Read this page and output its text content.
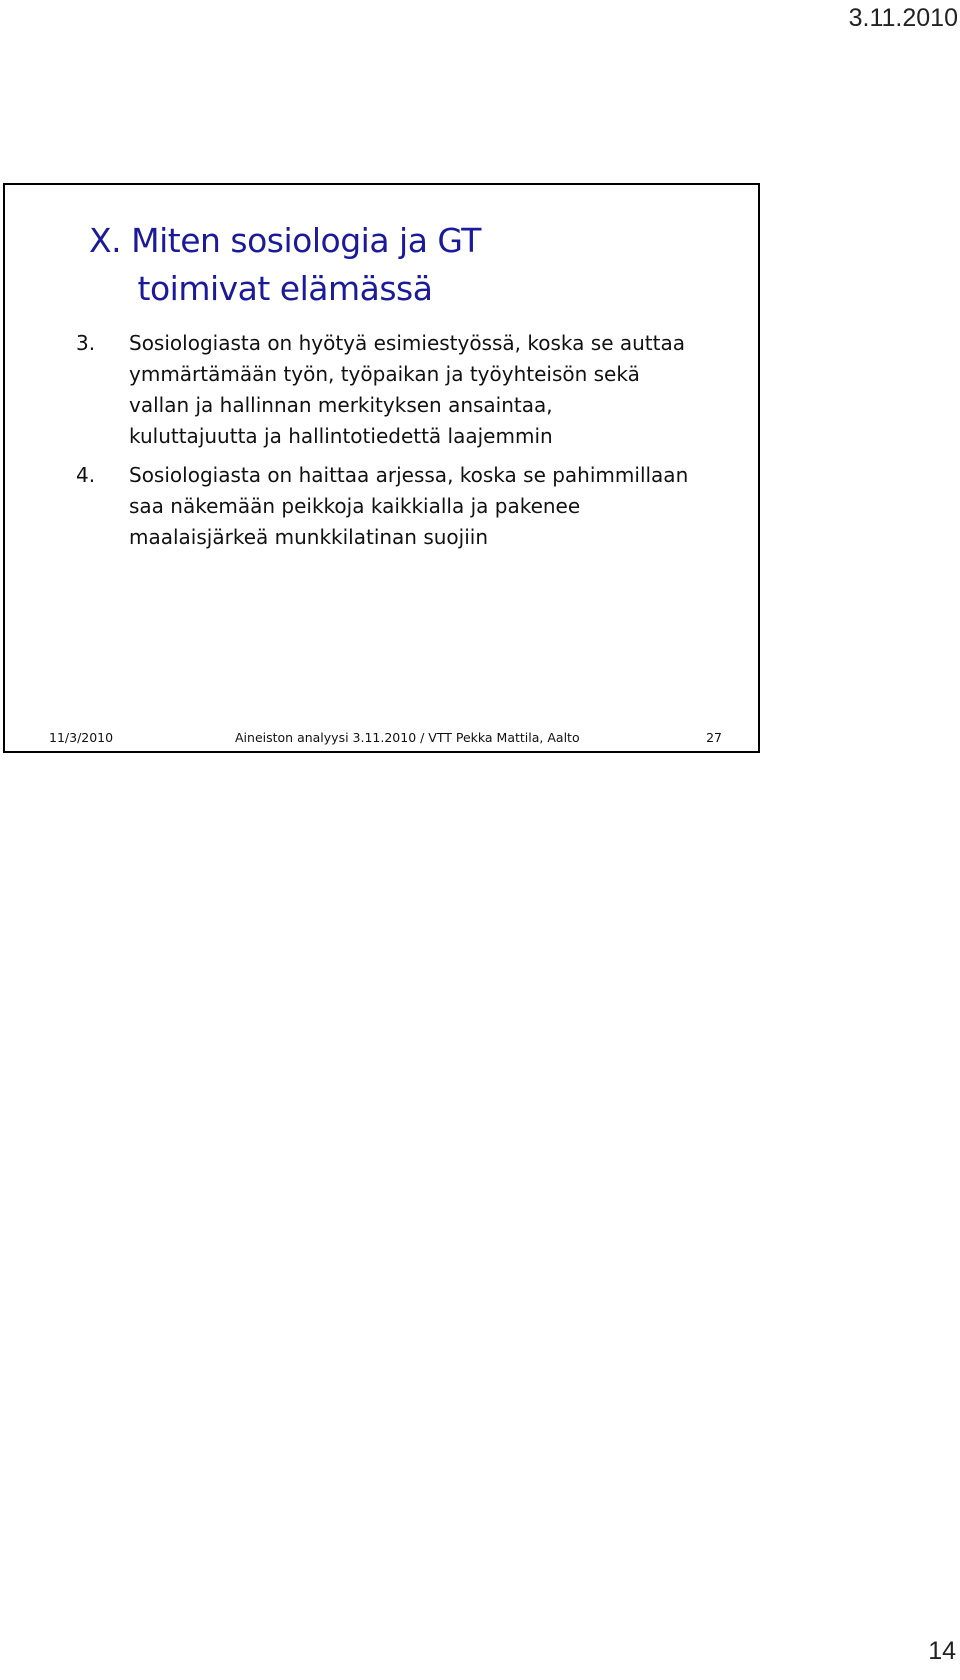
3.11.2010
X. Miten sosiologia ja GT
toimivat elämässä
3. Sosiologiasta on hyötyä esimiestyössä, koska se auttaa
ymmärtämään työn, työpaikan ja työyhteisön sekä
vallan ja hallinnan merkityksen ansaintaa,
kuluttajuutta ja hallintotiedettä laajemmin
4. Sosiologiasta on haittaa arjessa, koska se pahimmillaan
saa näkemään peikkoja kaikkialla ja pakenee
maalaisjärkeä munkkilatinan suojiin
11/3/2010	Aineiston analyysi 3.11.2010 / VTT Pekka Mattila, Aalto	27
14
